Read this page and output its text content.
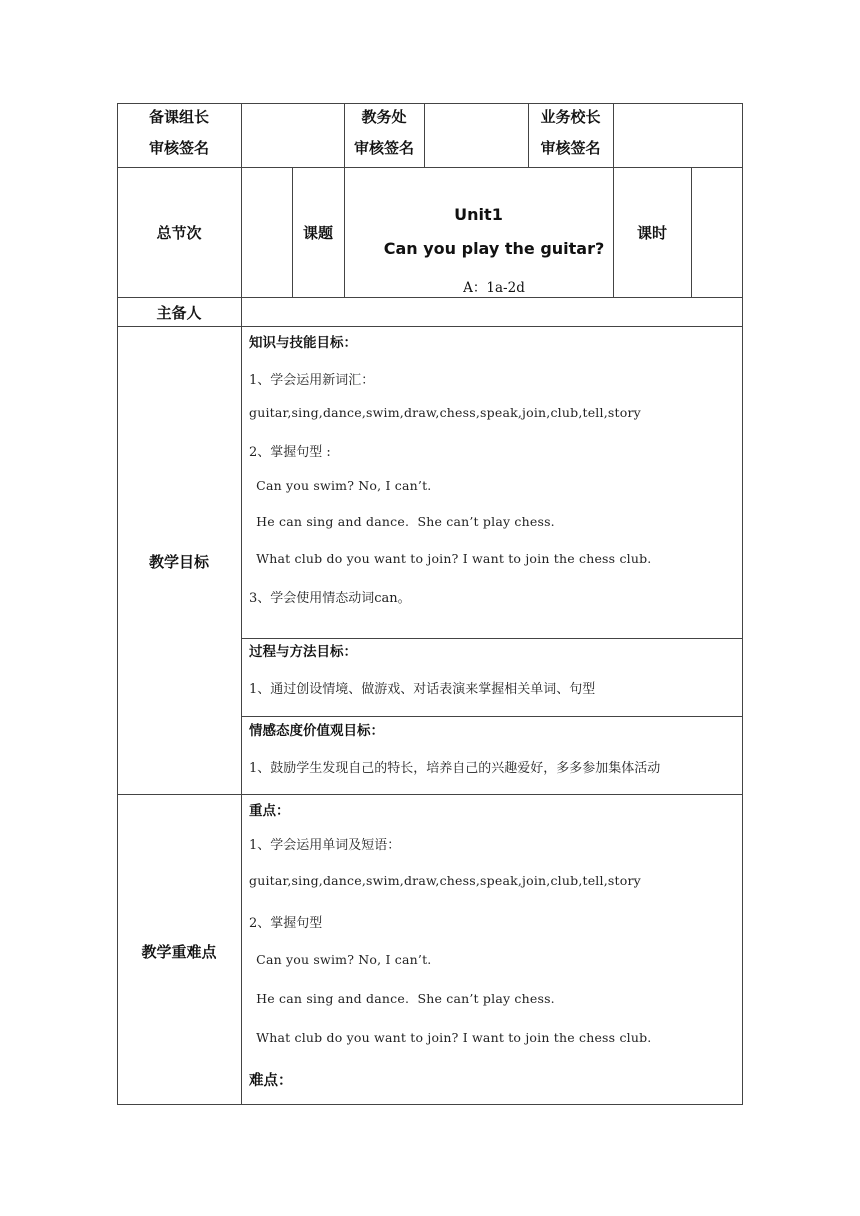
备课组长
审核签名
教务处
审核签名
业务校长
审核签名
总节次	课题
Unit1
Can you play the guitar?
A：1a-2d
课时
主备人
教学目标
知识与技能目标：
1、学会运用新词汇：
guitar,sing,dance,swim,draw,chess,speak,join,club,tell,story
2、掌握句型 :
Can you swim? No, I can’t.
He can sing and dance.  She can’t play chess.
What club do you want to join? I want to join the chess club.
3、学会使用情态动词can。
过程与方法目标：
1、通过创设情境、做游戏、对话表演来掌握相关单词、句型
情感态度价值观目标：
1、鼓励学生发现自己的特长，培养自己的兴趣爱好，多多参加集体活动
教学重难点
重点：
1、学会运用单词及短语：
guitar,sing,dance,swim,draw,chess,speak,join,club,tell,story
2、掌握句型
Can you swim? No, I can’t.
He can sing and dance.  She can’t play chess.
What club do you want to join? I want to join the chess club.
难点：
